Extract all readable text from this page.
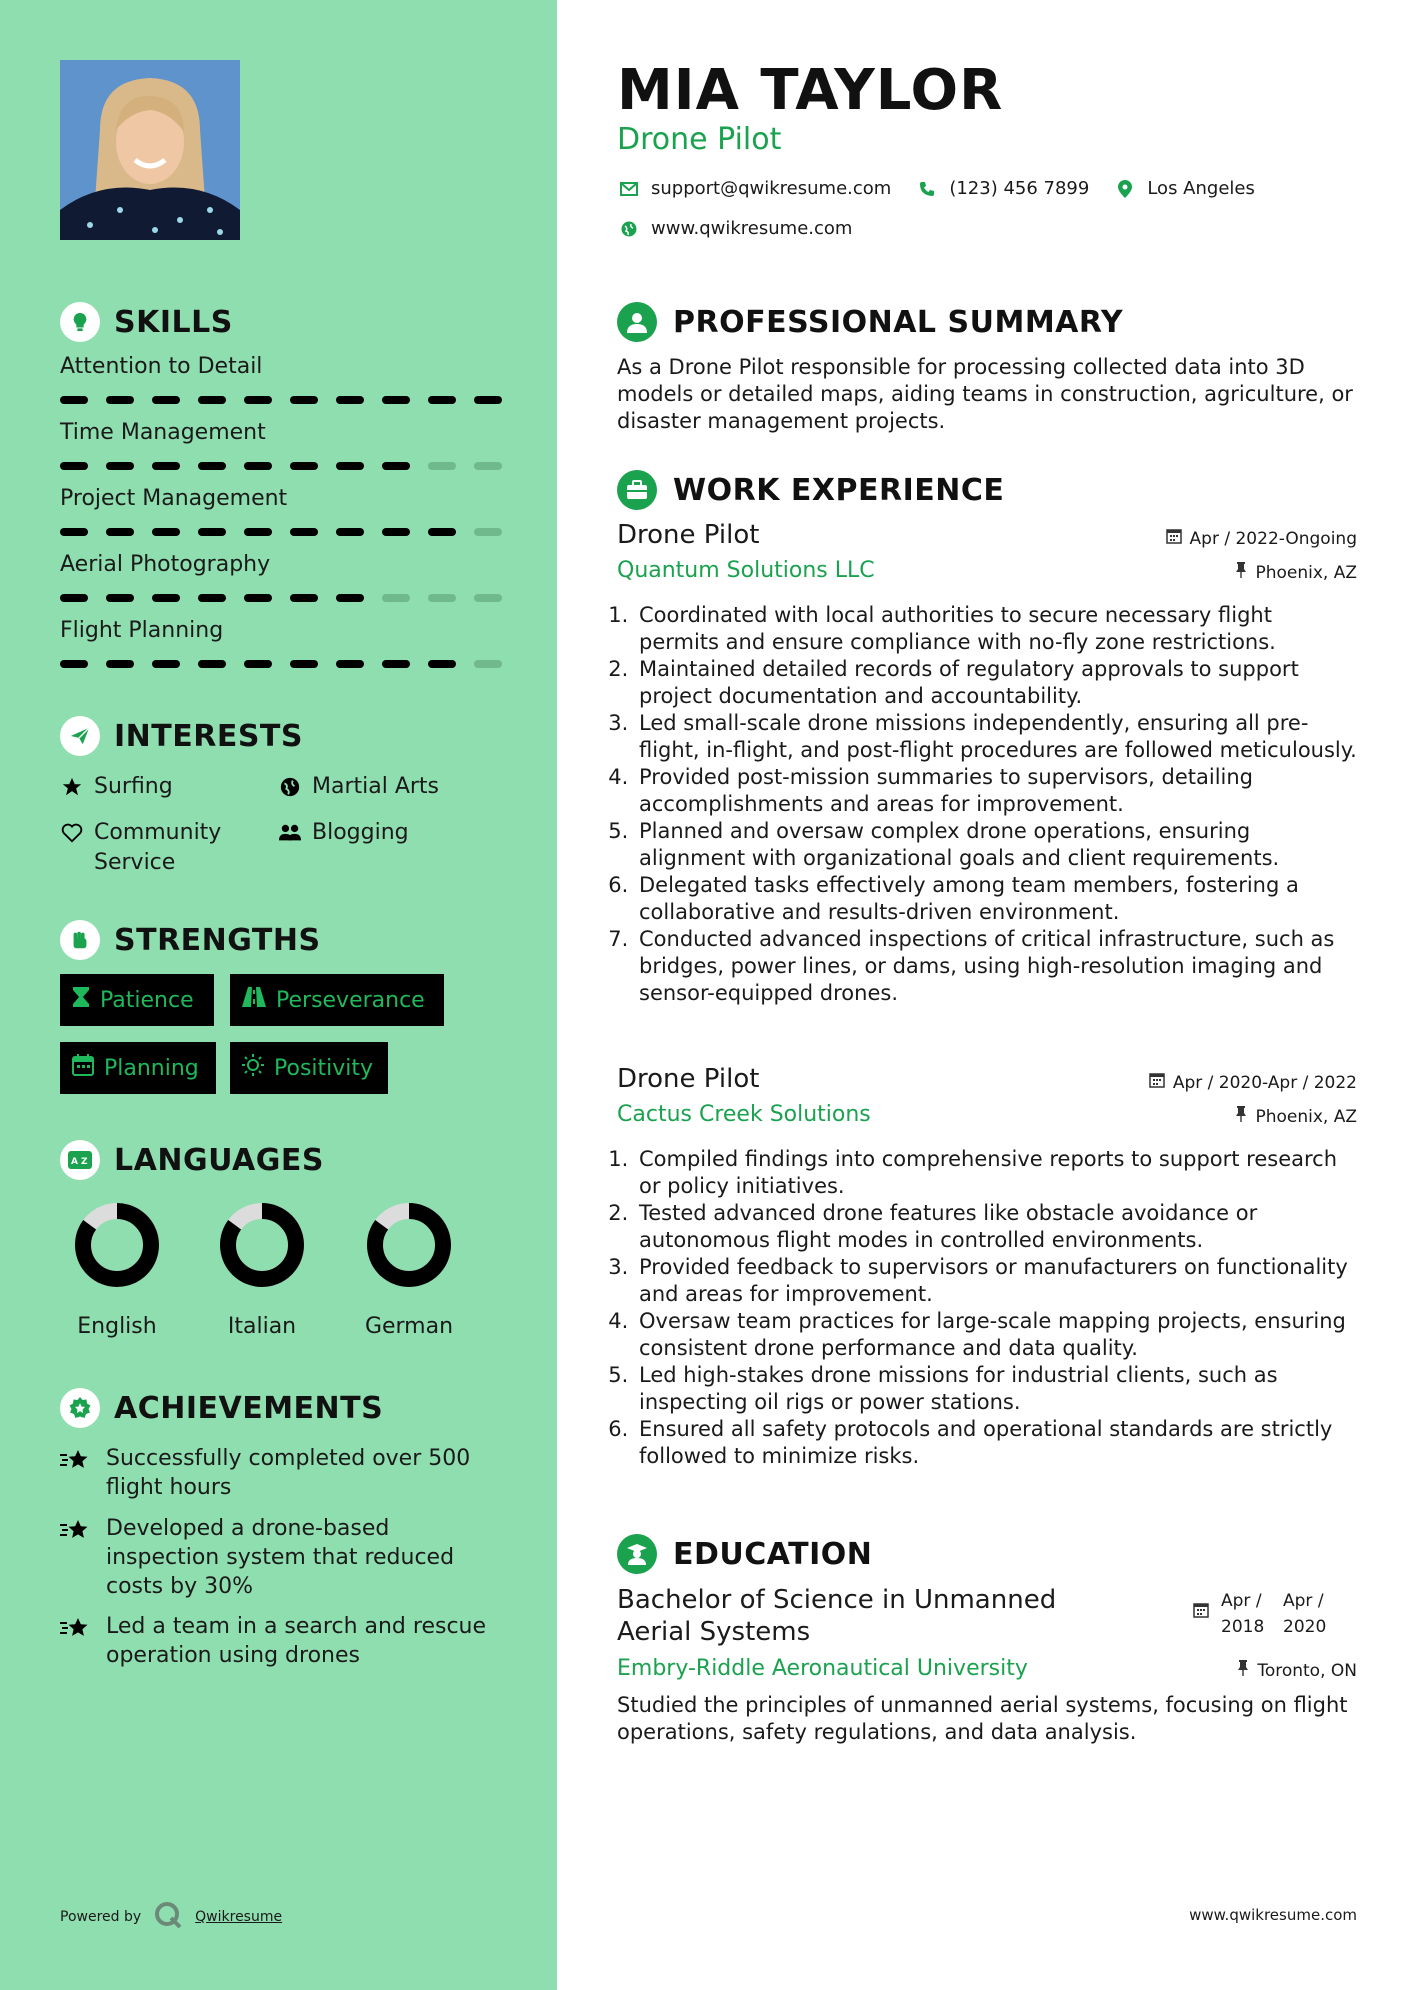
SKILLS
Attention to Detail
Time Management
Project Management
Aerial Photography
Flight Planning
INTERESTS
Surfing	Martial Arts
Community Service
Blogging
STRENGTHS
Patience	Perseverance
Planning	Positivity
A Z LANGUAGES
English	Italian	German
ACHIEVEMENTS
Successfully completed over 500 flight hours
Developed a drone-based inspection system that reduced costs by 30%
Led a team in a search and rescue operation using drones
Powered by	Qwikresume
MIA TAYLOR
Drone Pilot
support@qwikresume.com	(123) 456 7899	Los Angeles
www.qwikresume.com
PROFESSIONAL SUMMARY

As a Drone Pilot responsible for processing collected data into 3D models or detailed maps, aiding teams in construction, agriculture, or disaster management projects.

WORK EXPERIENCE
Drone Pilot	Apr / 2022-Ongoing
Quantum Solutions LLC	Phoenix, AZ
1. Coordinated with local authorities to secure necessary flight permits and ensure compliance with no-fly zone restrictions.
2. Maintained detailed records of regulatory approvals to support project documentation and accountability.
3. Led small-scale drone missions independently, ensuring all pre-flight, in-flight, and post-flight procedures are followed meticulously.
4. Provided post-mission summaries to supervisors, detailing accomplishments and areas for improvement.
5. Planned and oversaw complex drone operations, ensuring alignment with organizational goals and client requirements.
6. Delegated tasks effectively among team members, fostering a collaborative and results-driven environment.
7. Conducted advanced inspections of critical infrastructure, such as bridges, power lines, or dams, using high-resolution imaging and sensor-equipped drones.
Drone Pilot	Apr / 2020-Apr / 2022
Cactus Creek Solutions	Phoenix, AZ
1. Compiled findings into comprehensive reports to support research or policy initiatives.
2. Tested advanced drone features like obstacle avoidance or autonomous flight modes in controlled environments.
3. Provided feedback to supervisors or manufacturers on functionality and areas for improvement.
4. Oversaw team practices for large-scale mapping projects, ensuring consistent drone performance and data quality.
5. Led high-stakes drone missions for industrial clients, such as inspecting oil rigs or power stations.
6. Ensured all safety protocols and operational standards are strictly followed to minimize risks.
EDUCATION
Bachelor of Science in Unmanned Aerial Systems
Apr / 2018
Apr / 2020
Embry-Riddle Aeronautical University	Toronto, ON

Studied the principles of unmanned aerial systems, focusing on flight operations, safety regulations, and data analysis.

www.qwikresume.com
